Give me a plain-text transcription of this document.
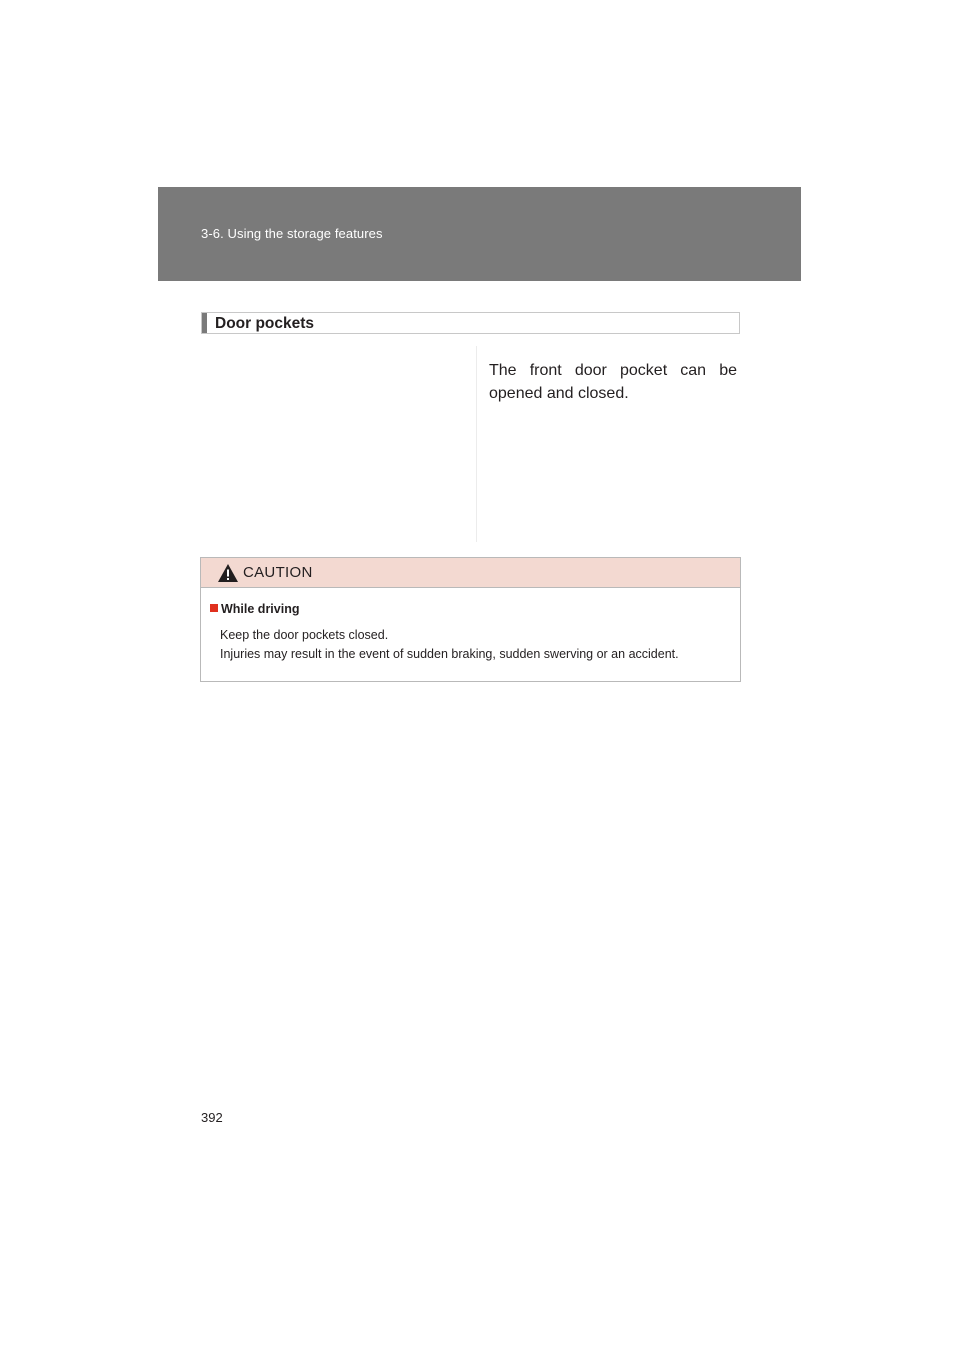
3-6. Using the storage features
Door pockets
The front door pocket can be opened and closed.
CAUTION
While driving
Keep the door pockets closed.
Injuries may result in the event of sudden braking, sudden swerving or an accident.
392
